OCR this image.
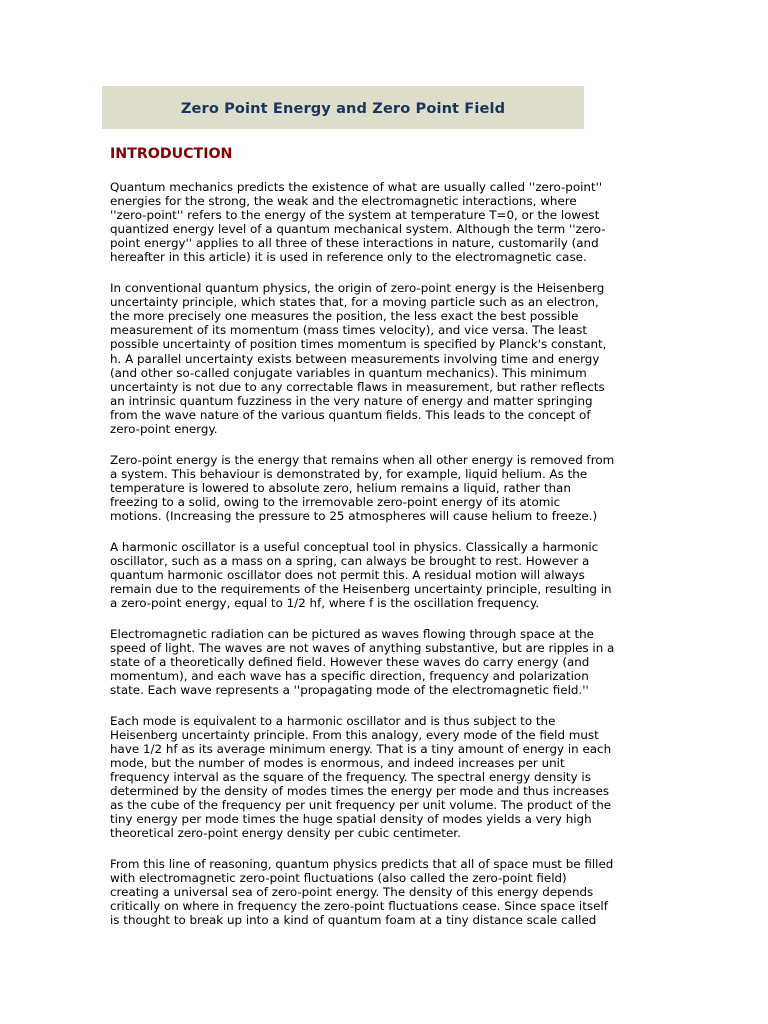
Zero Point Energy and Zero Point Field
INTRODUCTION

Quantum mechanics predicts the existence of what are usually called ''zero-point''
energies for the strong, the weak and the electromagnetic interactions, where
''zero-point'' refers to the energy of the system at temperature T=0, or the lowest
quantized energy level of a quantum mechanical system. Although the term ''zero-
point energy'' applies to all three of these interactions in nature, customarily (and
hereafter in this article) it is used in reference only to the electromagnetic case.

In conventional quantum physics, the origin of zero-point energy is the Heisenberg
uncertainty principle, which states that, for a moving particle such as an electron,
the more precisely one measures the position, the less exact the best possible
measurement of its momentum (mass times velocity), and vice versa. The least
possible uncertainty of position times momentum is specified by Planck's constant,
h. A parallel uncertainty exists between measurements involving time and energy
(and other so-called conjugate variables in quantum mechanics). This minimum
uncertainty is not due to any correctable flaws in measurement, but rather reflects
an intrinsic quantum fuzziness in the very nature of energy and matter springing
from the wave nature of the various quantum fields. This leads to the concept of
zero-point energy.

Zero-point energy is the energy that remains when all other energy is removed from
a system. This behaviour is demonstrated by, for example, liquid helium. As the
temperature is lowered to absolute zero, helium remains a liquid, rather than
freezing to a solid, owing to the irremovable zero-point energy of its atomic
motions. (Increasing the pressure to 25 atmospheres will cause helium to freeze.)

A harmonic oscillator is a useful conceptual tool in physics. Classically a harmonic
oscillator, such as a mass on a spring, can always be brought to rest. However a
quantum harmonic oscillator does not permit this. A residual motion will always
remain due to the requirements of the Heisenberg uncertainty principle, resulting in
a zero-point energy, equal to 1/2 hf, where f is the oscillation frequency.

Electromagnetic radiation can be pictured as waves flowing through space at the
speed of light. The waves are not waves of anything substantive, but are ripples in a
state of a theoretically defined field. However these waves do carry energy (and
momentum), and each wave has a specific direction, frequency and polarization
state. Each wave represents a ''propagating mode of the electromagnetic field.''

Each mode is equivalent to a harmonic oscillator and is thus subject to the
Heisenberg uncertainty principle. From this analogy, every mode of the field must
have 1/2 hf as its average minimum energy. That is a tiny amount of energy in each
mode, but the number of modes is enormous, and indeed increases per unit
frequency interval as the square of the frequency. The spectral energy density is
determined by the density of modes times the energy per mode and thus increases
as the cube of the frequency per unit frequency per unit volume. The product of the
tiny energy per mode times the huge spatial density of modes yields a very high
theoretical zero-point energy density per cubic centimeter.

From this line of reasoning, quantum physics predicts that all of space must be filled
with electromagnetic zero-point fluctuations (also called the zero-point field)
creating a universal sea of zero-point energy. The density of this energy depends
critically on where in frequency the zero-point fluctuations cease. Since space itself
is thought to break up into a kind of quantum foam at a tiny distance scale called
